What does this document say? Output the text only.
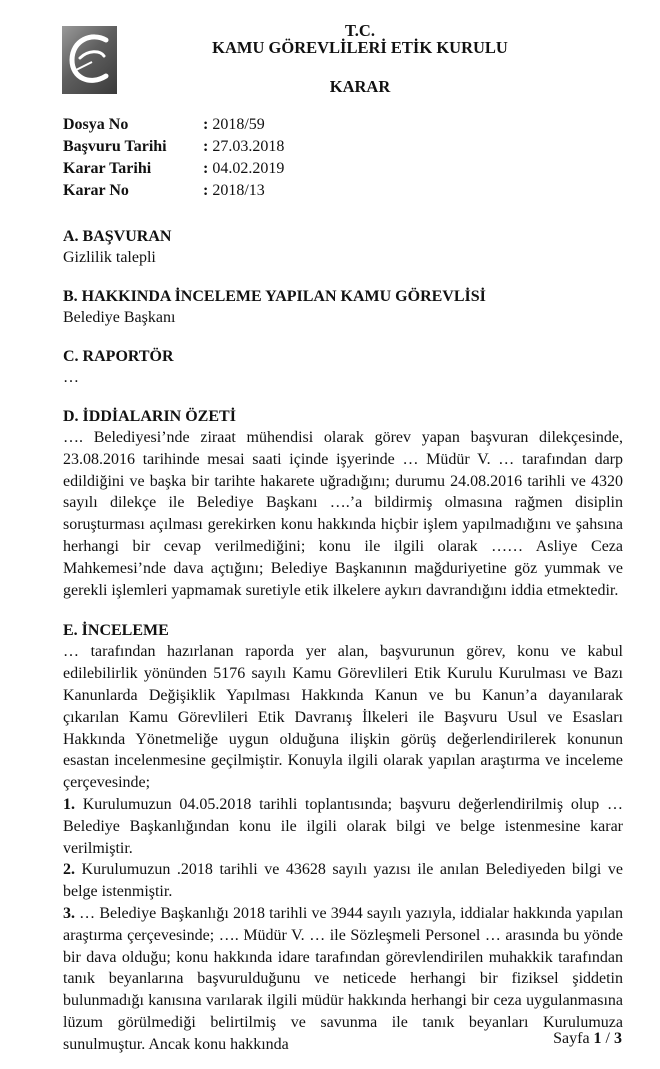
T.C.

KAMU GÖREVLİLERİ ETİK KURULU

KARAR

Dosya No	: 2018/59
Başvuru Tarihi	: 27.03.2018
Karar Tarihi	: 04.02.2019
Karar No	: 2018/13

A. BAŞVURAN

Gizlilik talepli

B. HAKKINDA İNCELEME YAPILAN KAMU GÖREVLİSİ

Belediye Başkanı

C. RAPORTÖR

…

D. İDDİALARIN ÖZETİ

…. Belediyesi’nde ziraat mühendisi olarak görev yapan başvuran dilekçesinde, 23.08.2016 tarihinde mesai saati içinde işyerinde … Müdür V. … tarafından darp edildiğini ve başka bir tarihte hakarete uğradığını; durumu 24.08.2016 tarihli ve 4320 sayılı dilekçe ile Belediye Başkanı ….’a bildirmiş olmasına rağmen disiplin soruşturması açılması gerekirken konu hakkında hiçbir işlem yapılmadığını ve şahsına herhangi bir cevap verilmediğini; konu ile ilgili olarak …… Asliye Ceza Mahkemesi’nde dava açtığını; Belediye Başkanının mağduriyetine göz yummak ve gerekli işlemleri yapmamak suretiyle etik ilkelere aykırı davrandığını iddia etmektedir.

E. İNCELEME

… tarafından hazırlanan raporda yer alan, başvurunun görev, konu ve kabul edilebilirlik yönünden 5176 sayılı Kamu Görevlileri Etik Kurulu Kurulması ve Bazı Kanunlarda Değişiklik Yapılması Hakkında Kanun ve bu Kanun’a dayanılarak çıkarılan Kamu Görevlileri Etik Davranış İlkeleri ile Başvuru Usul ve Esasları Hakkında Yönetmeliğe uygun olduğuna ilişkin görüş değerlendirilerek konunun esastan incelenmesine geçilmiştir. Konuyla ilgili olarak yapılan araştırma ve inceleme çerçevesinde;

1. Kurulumuzun 04.05.2018 tarihli toplantısında; başvuru değerlendirilmiş olup … Belediye Başkanlığından konu ile ilgili olarak bilgi ve belge istenmesine karar verilmiştir.

2. Kurulumuzun .2018 tarihli ve 43628 sayılı yazısı ile anılan Belediyeden bilgi ve belge istenmiştir.

3. … Belediye Başkanlığı 2018 tarihli ve 3944 sayılı yazıyla, iddialar hakkında yapılan araştırma çerçevesinde; …. Müdür V. … ile Sözleşmeli Personel … arasında bu yönde bir dava olduğu; konu hakkında idare tarafından görevlendirilen muhakkik tarafından tanık beyanlarına başvurulduğunu ve neticede herhangi bir fiziksel şiddetin bulunmadığı kanısına varılarak ilgili müdür hakkında herhangi bir ceza uygulanmasına lüzum görülmediği belirtilmiş ve savunma ile tanık beyanları Kurulumuza sunulmuştur. Ancak konu hakkında	Sayfa 1 / 3
